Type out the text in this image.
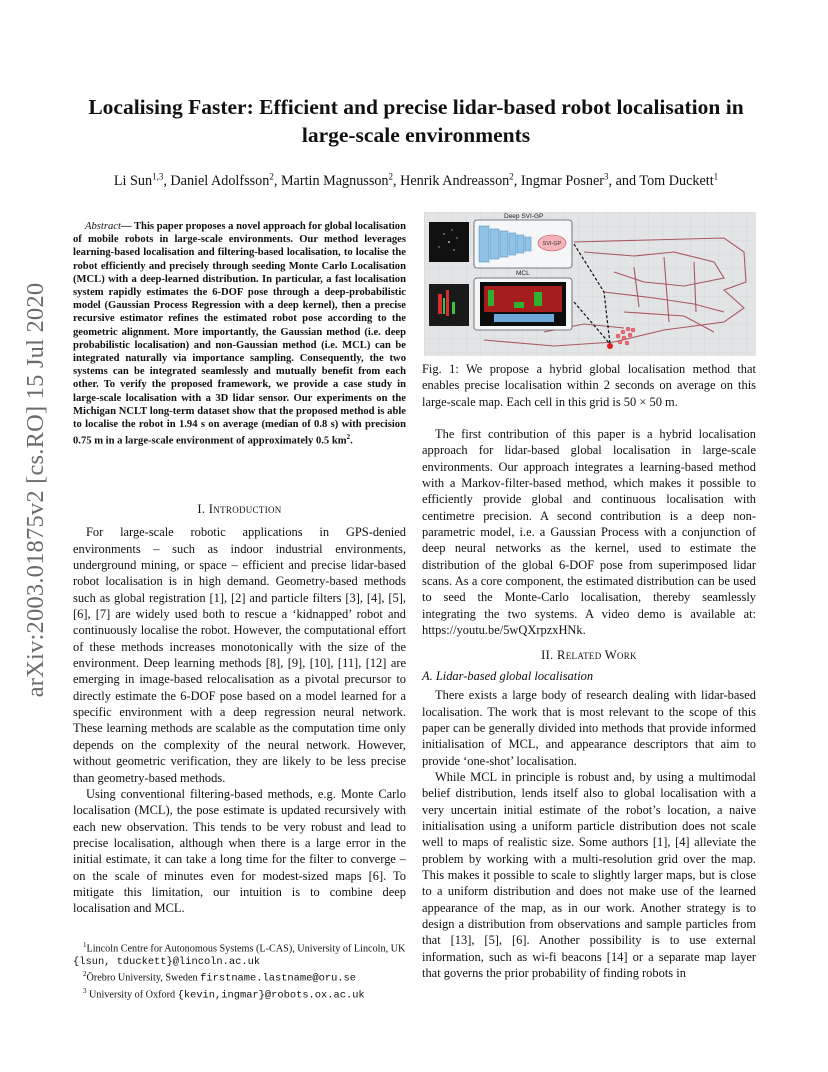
arXiv:2003.01875v2 [cs.RO] 15 Jul 2020
Localising Faster: Efficient and precise lidar-based robot localisation in
large-scale environments
Li Sun$^{1,3}$, Daniel Adolfsson$^2$, Martin Magnusson$^2$, Henrik Andreasson$^2$, Ingmar Posner$^3$, and Tom Duckett$^1$

Abstract— This paper proposes a novel approach for global localisation of mobile robots in large-scale environments. Our method leverages learning-based localisation and filtering-based localisation, to localise the robot efficiently and precisely through seeding Monte Carlo Localisation (MCL) with a deep-learned distribution. In particular, a fast localisation system rapidly estimates the 6-DOF pose through a deep-probabilistic model (Gaussian Process Regression with a deep kernel), then a precise recursive estimator refines the estimated robot pose according to the geometric alignment. More importantly, the Gaussian method (i.e. deep probabilistic localisation) and non-Gaussian method (i.e. MCL) can be integrated naturally via importance sampling. Consequently, the two systems can be integrated seamlessly and mutually benefit from each other. To verify the proposed framework, we provide a case study in large-scale localisation with a 3D lidar sensor. Our experiments on the Michigan NCLT long-term dataset show that the proposed method is able to localise the robot in 1.94 s on average (median of 0.8 s) with precision 0.75 m in a large-scale environment of approximately 0.5 $km^2$.

I. Introduction

For large-scale robotic applications in GPS-denied environments – such as indoor industrial environments, underground mining, or space – efficient and precise lidar-based robot localisation is in high demand. Geometry-based methods such as global registration [1], [2] and particle filters [3], [4], [5], [6], [7] are widely used both to rescue a ‘kidnapped’ robot and continuously localise the robot. However, the computational effort of these methods increases monotonically with the size of the environment. Deep learning methods [8], [9], [10], [11], [12] are emerging in image-based relocalisation as a pivotal precursor to directly estimate the 6-DOF pose based on a model learned for a specific environment with a deep regression neural network. These learning methods are scalable as the computation time only depends on the complexity of the neural network. However, without geometric verification, they are likely to be less precise than geometry-based methods.

Using conventional filtering-based methods, e.g. Monte Carlo localisation (MCL), the pose estimate is updated recursively with each new observation. This tends to be very robust and lead to precise localisation, although when there is a large error in the initial estimate, it can take a long time for the filter to converge – on the scale of minutes even for modest-sized maps [6]. To mitigate this limitation, our intuition is to combine deep localisation and MCL.

$^1$Lincoln Centre for Autonomous Systems (L-CAS), University of Lincoln, UK {lsun, tduckett}@lincoln.ac.uk

$^2$Örebro University, Sweden firstname.lastname@oru.se

$^3$ University of Oxford {kevin,ingmar}@robots.ox.ac.uk

Deep SVI-GP
SVI-GP
MCL
Fig. 1: We propose a hybrid global localisation method that enables precise localisation within 2 seconds on average on this large-scale map. Each cell in this grid is 50 × 50 m.

The first contribution of this paper is a hybrid localisation approach for lidar-based global localisation in large-scale environments. Our approach integrates a learning-based method with a Markov-filter-based method, which makes it possible to efficiently provide global and continuous localisation with centimetre precision. A second contribution is a deep non-parametric model, i.e. a Gaussian Process with a conjunction of deep neural networks as the kernel, used to estimate the distribution of the global 6-DOF pose from superimposed lidar scans. As a core component, the estimated distribution can be used to seed the Monte-Carlo localisation, thereby seamlessly integrating the two systems. A video demo is available at: https://youtu.be/5wQXrpzxHNk.

II. Related Work

A. Lidar-based global localisation

There exists a large body of research dealing with lidar-based localisation. The work that is most relevant to the scope of this paper can be generally divided into methods that provide informed initialisation of MCL, and appearance descriptors that aim to provide ‘one-shot’ localisation.

While MCL in principle is robust and, by using a multimodal belief distribution, lends itself also to global localisation with a very uncertain initial estimate of the robot’s location, a naive initialisation using a uniform particle distribution does not scale well to maps of realistic size. Some authors [1], [4] alleviate the problem by working with a multi-resolution grid over the map. This makes it possible to scale to slightly larger maps, but is close to a uniform distribution and does not make use of the learned appearance of the map, as in our work. Another strategy is to design a distribution from observations and sample particles from that [13], [5], [6]. Another possibility is to use external information, such as wi-fi beacons [14] or a separate map layer that governs the prior probability of finding robots in
